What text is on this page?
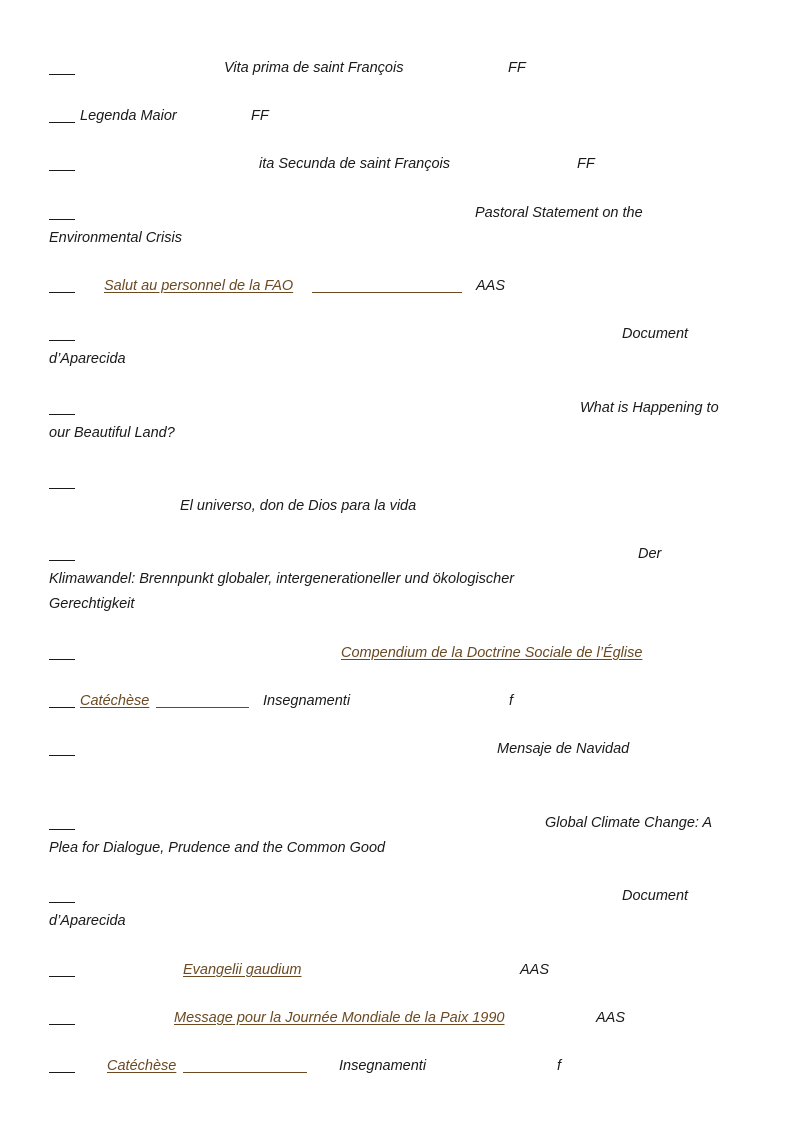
Vita prima de saint François	FF
Legenda Maior	FF
ita Secunda de saint François	FF
Pastoral Statement on the
Environmental Crisis
Salut au personnel de la FAO	AAS
Document
d’Aparecida
What is Happening to
our Beautiful Land?
El universo, don de Dios para la vida
Der
Klimawandel: Brennpunkt globaler, intergenerationeller und ökologischer
Gerechtigkeit
Compendium de la Doctrine Sociale de l’Église
Catéchèse	Insegnamenti	f
Mensaje de Navidad
Global Climate Change: A
Plea for Dialogue, Prudence and the Common Good
Document
d’Aparecida
Evangelii gaudium	AAS
Message pour la Journée Mondiale de la Paix 1990	AAS
Catéchèse	Insegnamenti	f
